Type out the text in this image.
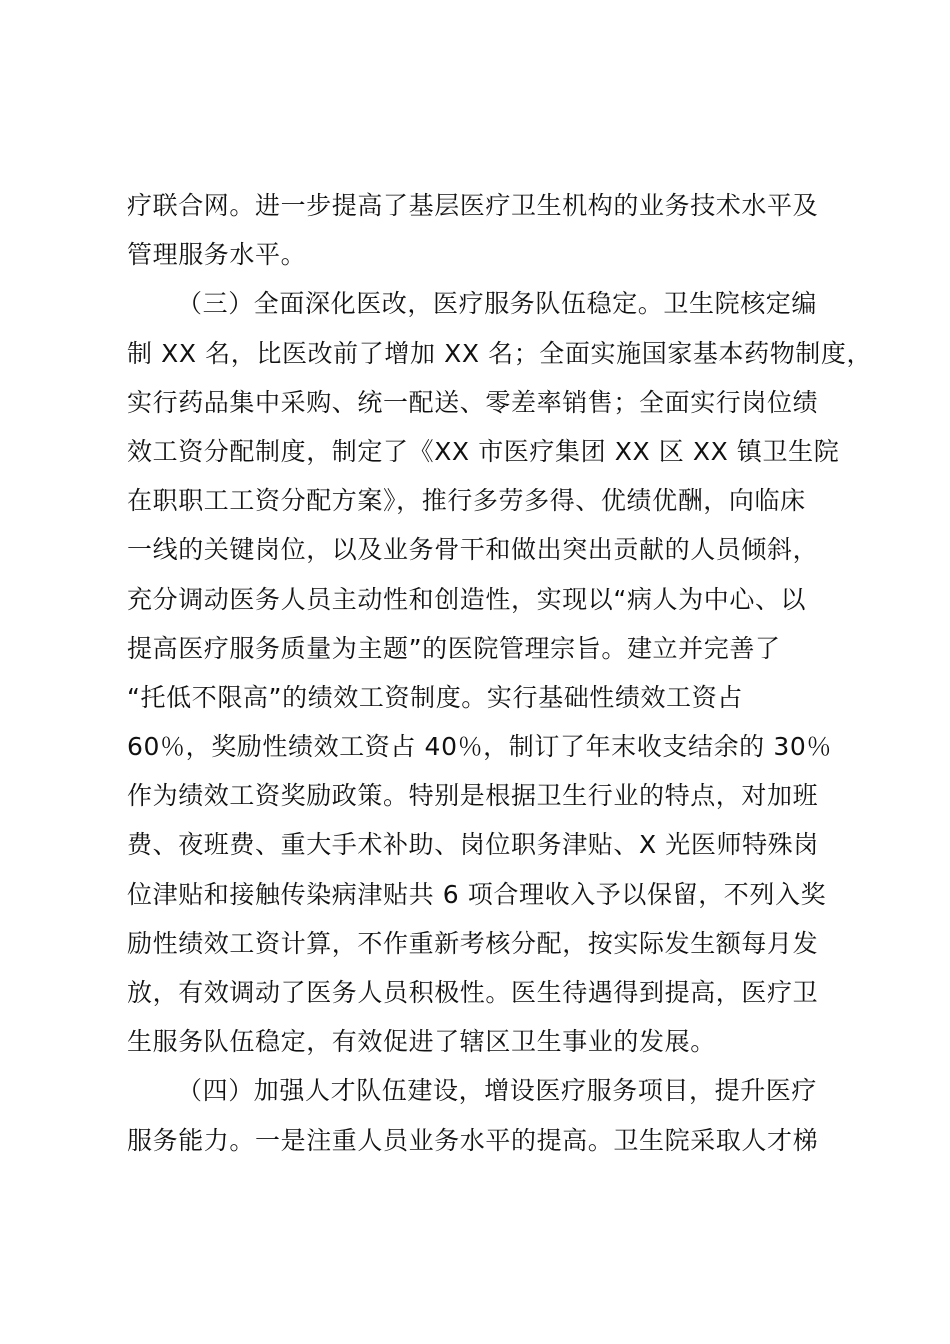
疗联合网。进一步提高了基层医疗卫生机构的业务技术水平及
管理服务水平。
（三）全面深化医改，医疗服务队伍稳定。卫生院核定编
制 XX 名，比医改前了增加 XX 名；全面实施国家基本药物制度，
实行药品集中采购、统一配送、零差率销售；全面实行岗位绩
效工资分配制度，制定了《XX 市医疗集团 XX 区 XX 镇卫生院
在职职工工资分配方案》，推行多劳多得、优绩优酬，向临床
一线的关键岗位，以及业务骨干和做出突出贡献的人员倾斜，
充分调动医务人员主动性和创造性，实现以“病人为中心、以
提高医疗服务质量为主题”的医院管理宗旨。建立并完善了
“托低不限高”的绩效工资制度。实行基础性绩效工资占
60％，奖励性绩效工资占 40％，制订了年末收支结余的 30％
作为绩效工资奖励政策。特别是根据卫生行业的特点，对加班
费、夜班费、重大手术补助、岗位职务津贴、X 光医师特殊岗
位津贴和接触传染病津贴共 6 项合理收入予以保留，不列入奖
励性绩效工资计算，不作重新考核分配，按实际发生额每月发
放，有效调动了医务人员积极性。医生待遇得到提高，医疗卫
生服务队伍稳定，有效促进了辖区卫生事业的发展。
（四）加强人才队伍建设，增设医疗服务项目，提升医疗
服务能力。一是注重人员业务水平的提高。卫生院采取人才梯
